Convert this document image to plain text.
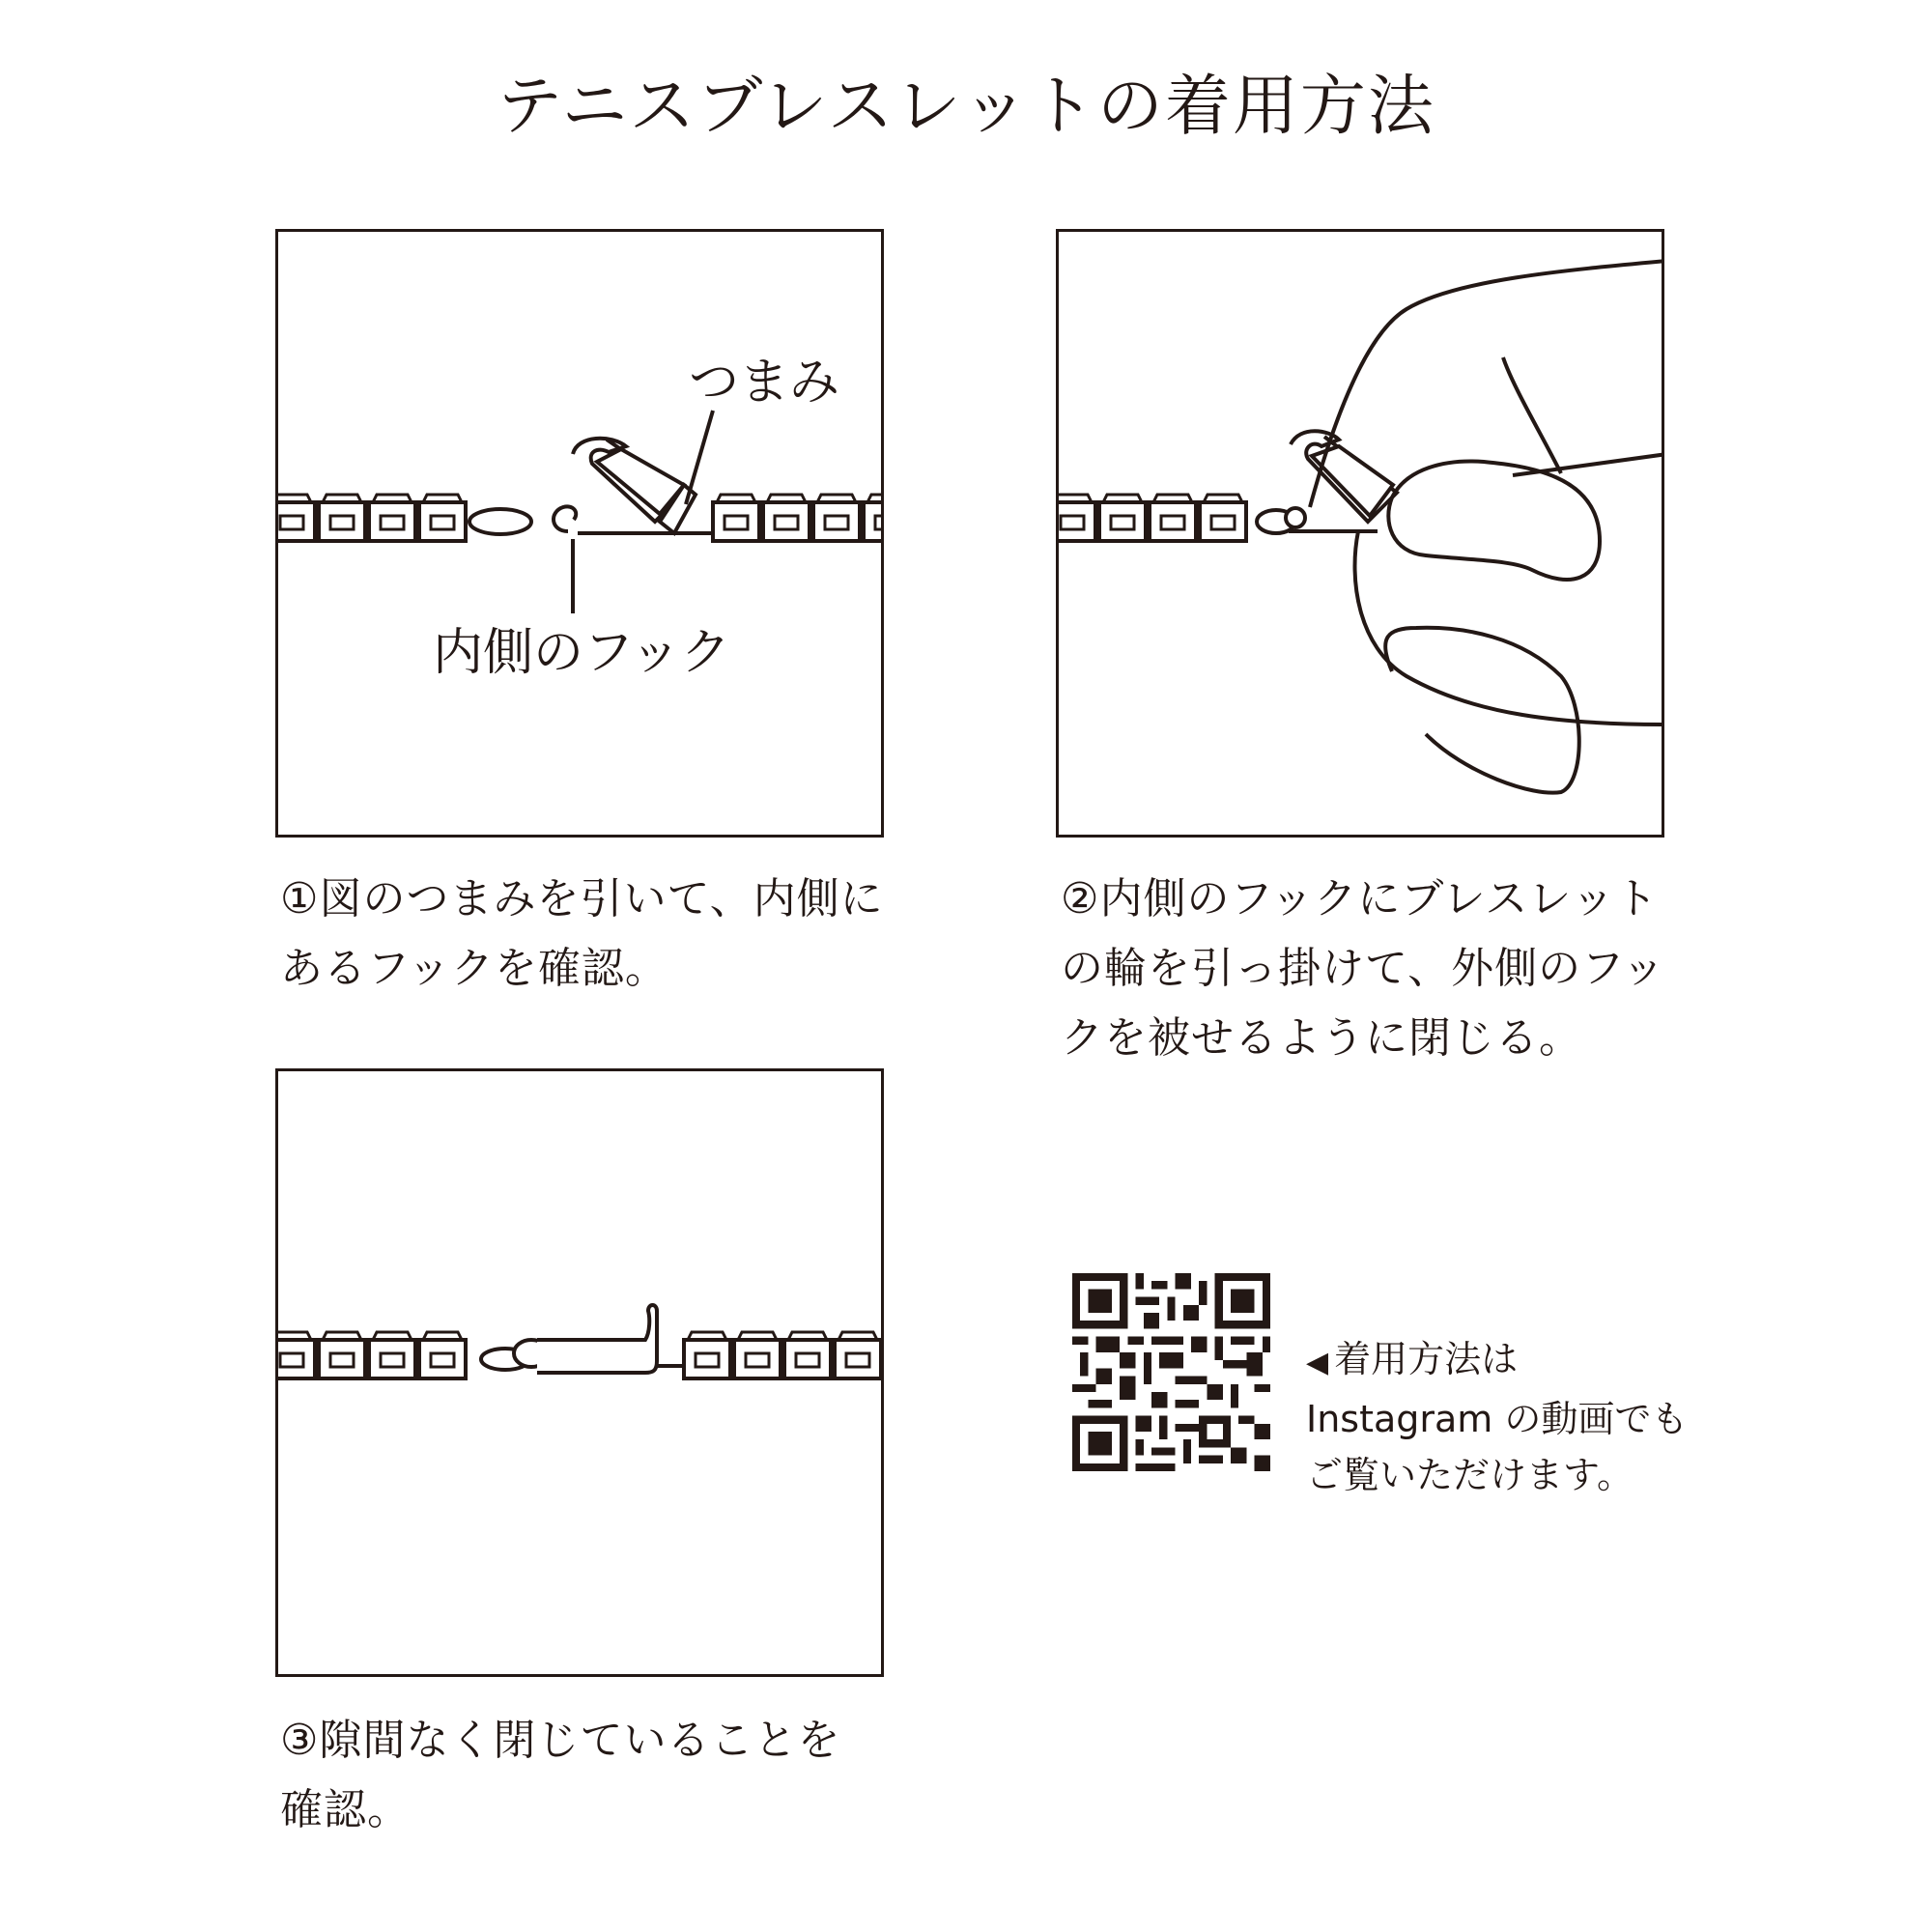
テニスブレスレットの着用方法
つまみ
内側のフック
①図のつまみを引いて、内側に
あるフックを確認。
②内側のフックにブレスレット
の輪を引っ掛けて、外側のフッ
クを被せるように閉じる。
③隙間なく閉じていることを
確認。
◀ 着用方法は
Instagram の動画でも
ご覧いただけます。
